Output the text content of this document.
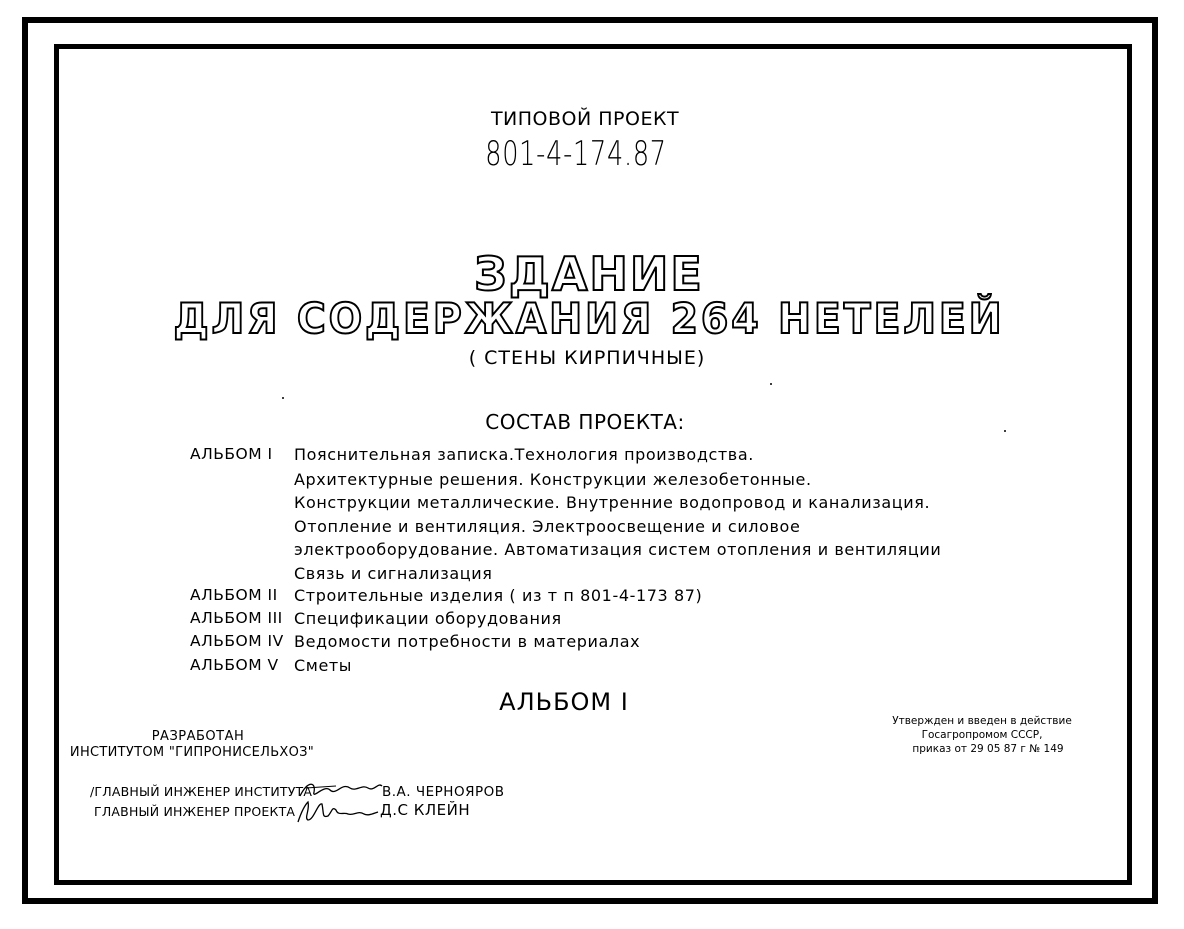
ТИПОВОЙ ПРОЕКТ
801-4-174.87
ЗДАНИЕ
ДЛЯ СОДЕРЖАНИЯ 264 НЕТЕЛЕЙ
( СТЕНЫ КИРПИЧНЫЕ)
СОСТАВ ПРОЕКТА:
АЛЬБОМ I Пояснительная записка.Технология производства.
Архитектурные решения. Конструкции железобетонные.
Конструкции металлические. Внутренние водопровод и канализация.
Отопление и вентиляция. Электроосвещение и силовое
электрооборудование. Автоматизация систем отопления и вентиляции
Связь и сигнализация
АЛЬБОМ II Строительные изделия ( из т п 801-4-173 87)
АЛЬБОМ III Спецификации оборудования
АЛЬБОМ IV Ведомости потребности в материалах
АЛЬБОМ V Сметы
АЛЬБОМ I
РАЗРАБОТАН
ИНСТИТУТОМ "ГИПРОНИСЕЛЬХОЗ"
Утвержден и введен в действие
Госагропромом СССР,
приказ от 29 05 87 г № 149
/ГЛАВНЫЙ ИНЖЕНЕР ИНСТИТУТА	В.А. ЧЕРНОЯРОВ
ГЛАВНЫЙ ИНЖЕНЕР ПРОЕКТА	Д.С КЛЕЙН
